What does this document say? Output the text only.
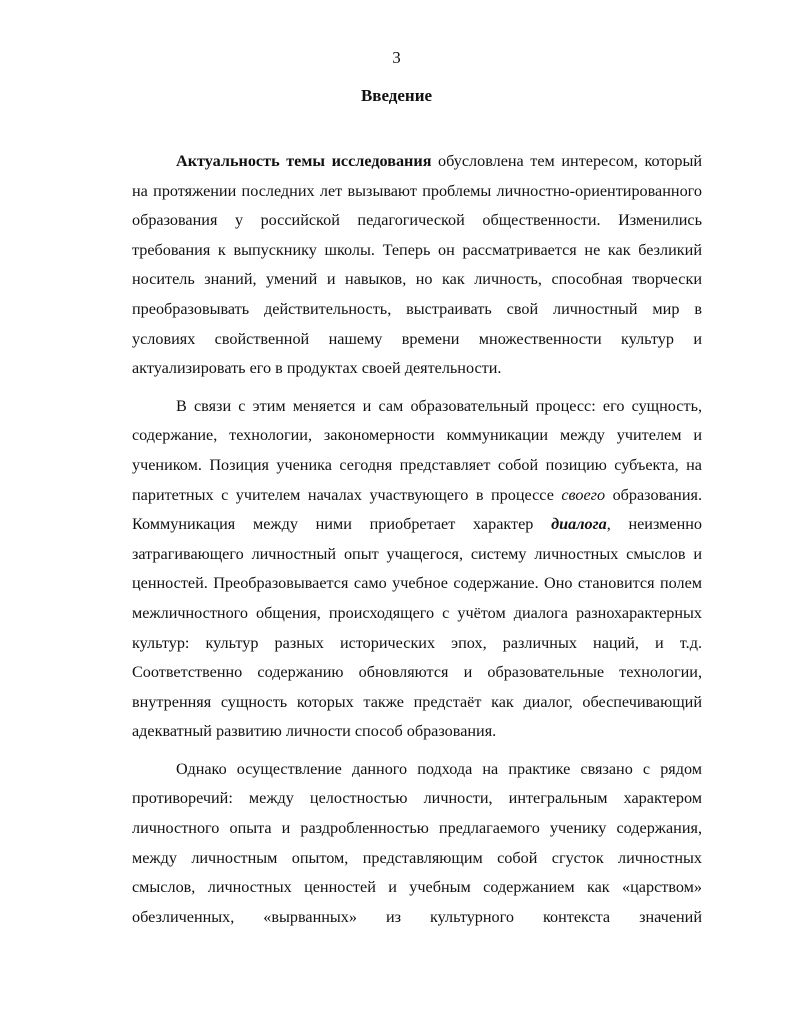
3
Введение

Актуальность темы исследования обусловлена тем интересом, который на протяжении последних лет вызывают проблемы личностно-ориентированного образования у российской педагогической общественности. Изменились требования к выпускнику школы. Теперь он рассматривается не как безликий носитель знаний, умений и навыков, но как личность, способная творчески преобразовывать действительность, выстраивать свой личностный мир в условиях свойственной нашему времени множественности культур и актуализировать его в продуктах своей деятельности.

В связи с этим меняется и сам образовательный процесс: его сущность, содержание, технологии, закономерности коммуникации между учителем и учеником. Позиция ученика сегодня представляет собой позицию субъекта, на паритетных с учителем началах участвующего в процессе своего образования. Коммуникация между ними приобретает характер диалога, неизменно затрагивающего личностный опыт учащегося, систему личностных смыслов и ценностей. Преобразовывается само учебное содержание. Оно становится полем межличностного общения, происходящего с учётом диалога разнохарактерных культур: культур разных исторических эпох, различных наций, и т.д. Соответственно содержанию обновляются и образовательные технологии, внутренняя сущность которых также предстаёт как диалог, обеспечивающий адекватный развитию личности способ образования.

Однако осуществление данного подхода на практике связано с рядом противоречий: между целостностью личности, интегральным характером личностного опыта и раздробленностью предлагаемого ученику содержания, между личностным опытом, представляющим собой сгусток личностных смыслов, личностных ценностей и учебным содержанием как «царством» обезличенных, «вырванных» из культурного контекста значений
